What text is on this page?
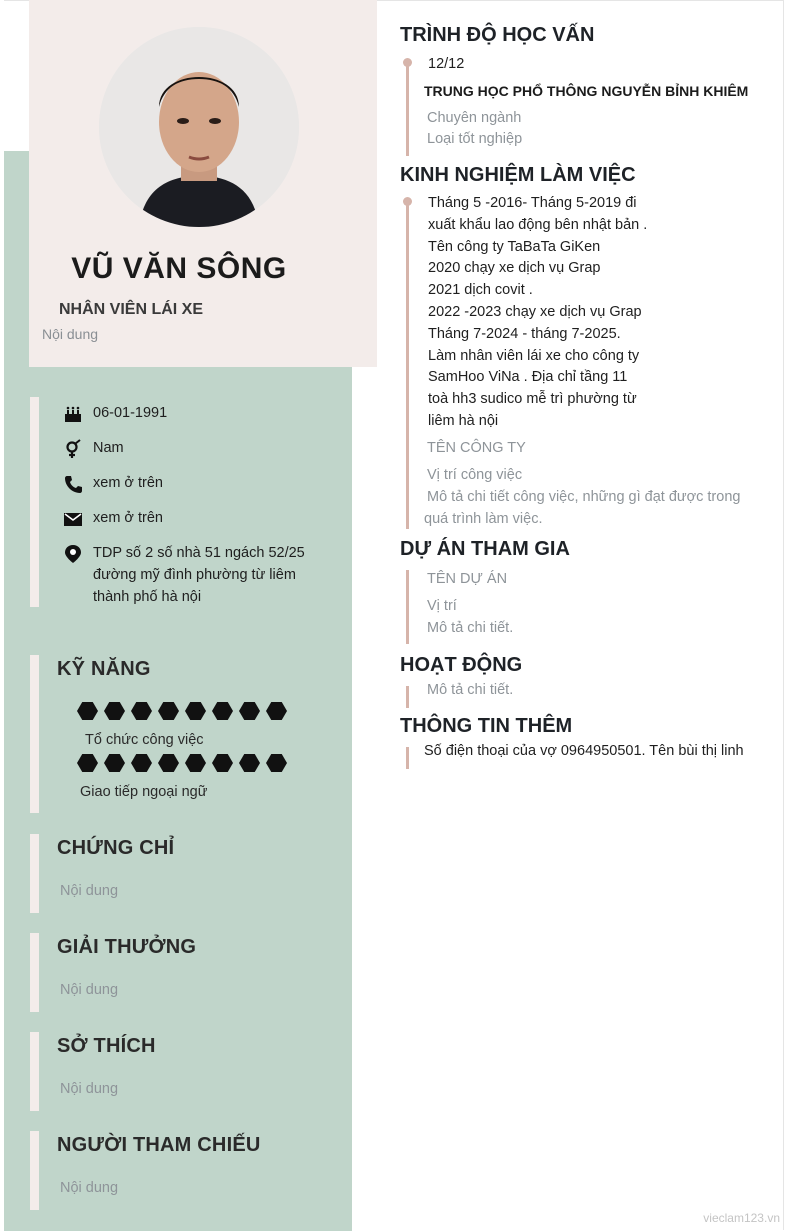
VŨ VĂN SÔNG
NHÂN VIÊN LÁI XE
Nội dung
06-01-1991
Nam
xem ở trên
xem ở trên
TDP số 2 số nhà 51 ngách 52/25
đường mỹ đình phường từ liêm
thành phố hà nội
KỸ NĂNG
Tổ chức công việc
Giao tiếp ngoại ngữ
CHỨNG CHỈ
Nội dung
GIẢI THƯỞNG
Nội dung
SỞ THÍCH
Nội dung
NGƯỜI THAM CHIẾU
Nội dung
TRÌNH ĐỘ HỌC VẤN
12/12
TRUNG HỌC PHỔ THÔNG NGUYỄN BỈNH KHIÊM
Chuyên ngành
Loại tốt nghiệp
KINH NGHIỆM LÀM VIỆC
Tháng 5 -2016- Tháng 5-2019 đi
xuất khẩu lao động bên nhật bản .
Tên công ty TaBaTa GiKen
2020 chạy xe dịch vụ Grap
2021 dịch covit .
2022 -2023 chạy xe dịch vụ Grap
Tháng 7-2024 - tháng 7-2025.
Làm nhân viên lái xe cho công ty
SamHoo ViNa . Địa chỉ tầng 11
toà hh3 sudico mễ trì phường từ
liêm hà nội
TÊN CÔNG TY
Vị trí công việc
Mô tả chi tiết công việc, những gì đạt được trong
quá trình làm việc.
DỰ ÁN THAM GIA
TÊN DỰ ÁN
Vị trí
Mô tả chi tiết.
HOẠT ĐỘNG
Mô tả chi tiết.
THÔNG TIN THÊM
Số điện thoại của vợ 0964950501. Tên bùi thị linh
vieclam123.vn
